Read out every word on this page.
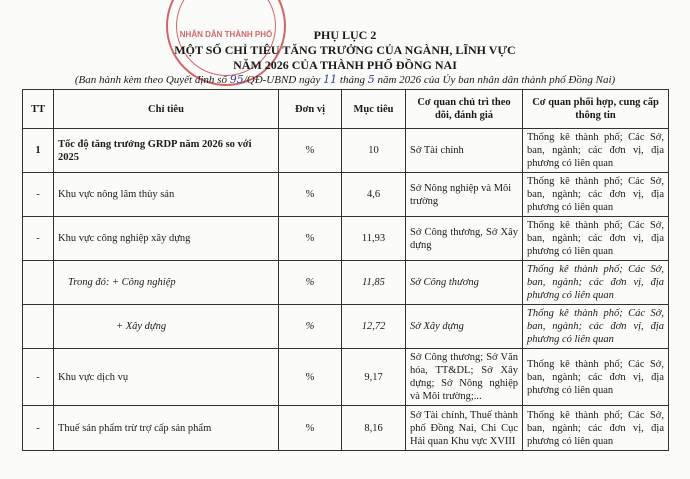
NHÂN DÂN THÀNH PHỐ	PHỤ LỤC 2
MỘT SỐ CHỈ TIÊU TĂNG TRƯỞNG CỦA NGÀNH, LĨNH VỰC
NĂM 2026 CỦA THÀNH PHỐ ĐỒNG NAI
(Ban hành kèm theo Quyết định số 95/QĐ-UBND ngày 11 tháng 5 năm 2026 của Ủy ban nhân dân thành phố Đồng Nai)
TT	Chỉ tiêu	Đơn vị	Mục tiêu	Cơ quan chủ trì theo dõi, đánh giá	Cơ quan phối hợp, cung cấp thông tin
1	Tốc độ tăng trưởng GRDP năm 2026 so với 2025	%	10	Sở Tài chính	Thống kê thành phố; Các Sở, ban, ngành; các đơn vị, địa phương có liên quan
-	Khu vực nông lâm thủy sản	%	4,6	Sở Nông nghiệp và Môi trường	Thống kê thành phố; Các Sở, ban, ngành; các đơn vị, địa phương có liên quan
-	Khu vực công nghiệp xây dựng	%	11,93	Sở Công thương, Sở Xây dựng	Thống kê thành phố; Các Sở, ban, ngành; các đơn vị, địa phương có liên quan
	Trong đó: + Công nghiệp	%	11,85	Sở Công thương	Thống kê thành phố; Các Sở, ban, ngành; các đơn vị, địa phương có liên quan
	+ Xây dựng	%	12,72	Sở Xây dựng	Thống kê thành phố; Các Sở, ban, ngành; các đơn vị, địa phương có liên quan
-	Khu vực dịch vụ	%	9,17	Sở Công thương; Sở Văn hóa, TT&DL; Sở Xây dựng; Sở Nông nghiệp và Môi trường;...	Thống kê thành phố; Các Sở, ban, ngành; các đơn vị, địa phương có liên quan
-	Thuế sản phẩm trừ trợ cấp sản phẩm	%	8,16	Sở Tài chính, Thuế thành phố Đồng Nai, Chi Cục Hải quan Khu vực XVIII	Thống kê thành phố; Các Sở, ban, ngành; các đơn vị, địa phương có liên quan
